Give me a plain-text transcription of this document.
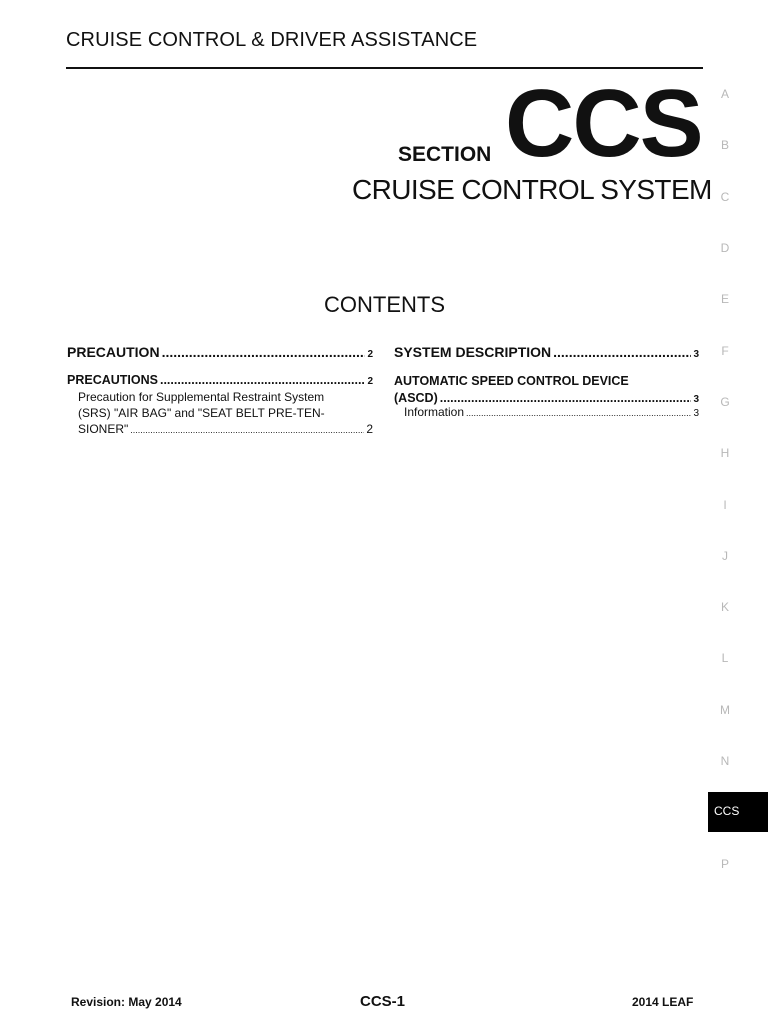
CRUISE CONTROL & DRIVER ASSISTANCE
SECTION CCS
CRUISE CONTROL SYSTEM
CONTENTS
PRECAUTION .....	2
PRECAUTIONS .....	2
Precaution for Supplemental Restraint System
(SRS) "AIR BAG" and "SEAT BELT PRE-TEN-
SIONER" .....	2
SYSTEM DESCRIPTION .....	3
AUTOMATIC SPEED CONTROL DEVICE
(ASCD) .....	3
Information .....	3
A
B
C
D
E
F
G
H
I
J
K
L
M
N
CCS
P
Revision: May 2014	CCS-1	2014 LEAF
